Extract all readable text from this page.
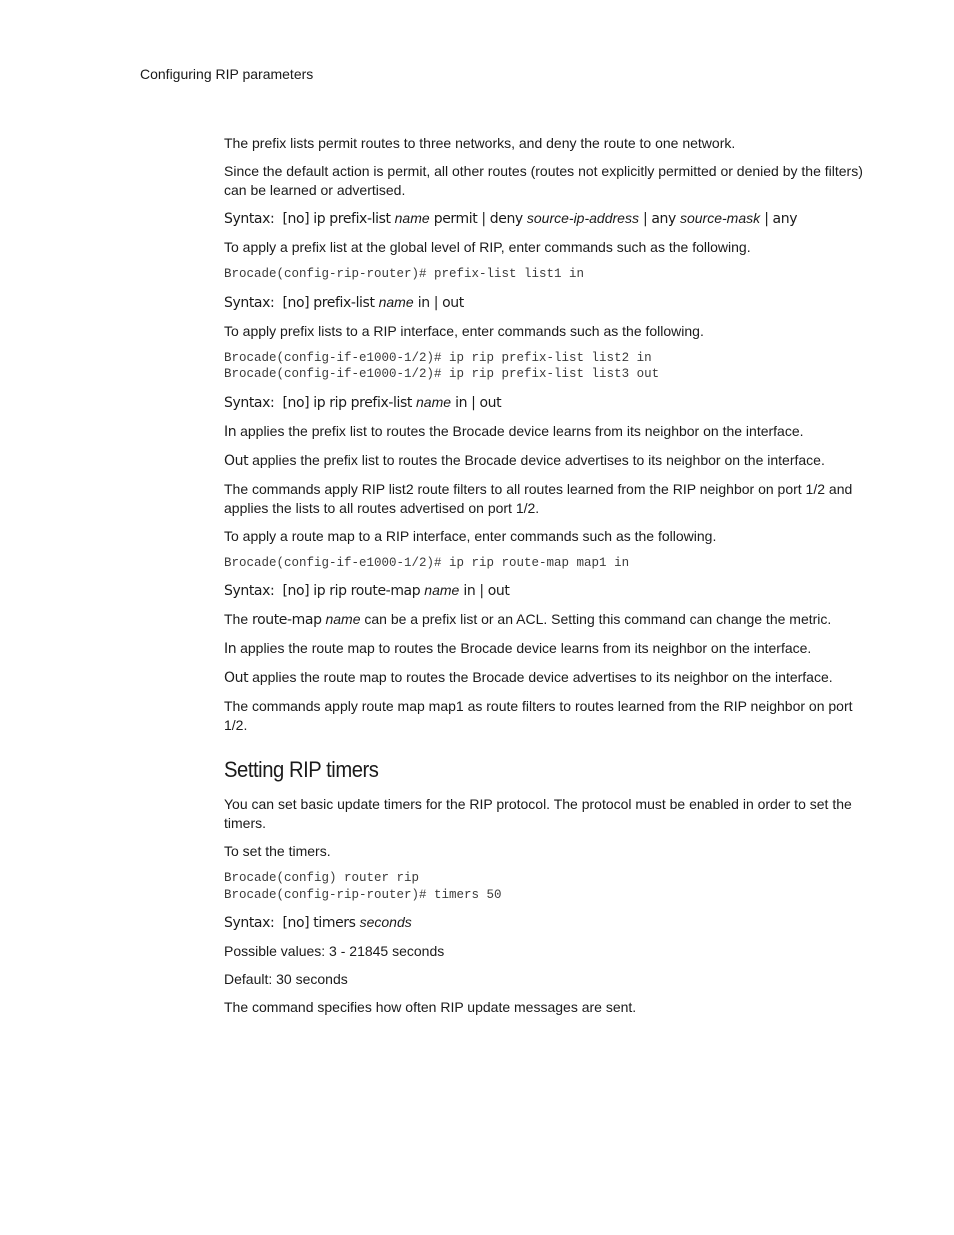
Configuring RIP parameters
The prefix lists permit routes to three networks, and deny the route to one network.
Since the default action is permit, all other routes (routes not explicitly permitted or denied by the filters) can be learned or advertised.
Syntax: [no] ip prefix-list name permit | deny source-ip-address | any source-mask | any
To apply a prefix list at the global level of RIP, enter commands such as the following.
Brocade(config-rip-router)# prefix-list list1 in
Syntax: [no] prefix-list name in | out
To apply prefix lists to a RIP interface, enter commands such as the following.
Brocade(config-if-e1000-1/2)# ip rip prefix-list list2 in
Brocade(config-if-e1000-1/2)# ip rip prefix-list list3 out
Syntax: [no] ip rip prefix-list name in | out
In applies the prefix list to routes the Brocade device learns from its neighbor on the interface.
Out applies the prefix list to routes the Brocade device advertises to its neighbor on the interface.
The commands apply RIP list2 route filters to all routes learned from the RIP neighbor on port 1/2 and applies the lists to all routes advertised on port 1/2.
To apply a route map to a RIP interface, enter commands such as the following.
Brocade(config-if-e1000-1/2)# ip rip route-map map1 in
Syntax: [no] ip rip route-map name in | out
The route-map name can be a prefix list or an ACL. Setting this command can change the metric.
In applies the route map to routes the Brocade device learns from its neighbor on the interface.
Out applies the route map to routes the Brocade device advertises to its neighbor on the interface.
The commands apply route map map1 as route filters to routes learned from the RIP neighbor on port 1/2.
Setting RIP timers
You can set basic update timers for the RIP protocol. The protocol must be enabled in order to set the timers.
To set the timers.
Brocade(config) router rip
Brocade(config-rip-router)# timers 50
Syntax: [no] timers seconds
Possible values: 3 - 21845 seconds
Default: 30 seconds
The command specifies how often RIP update messages are sent.
